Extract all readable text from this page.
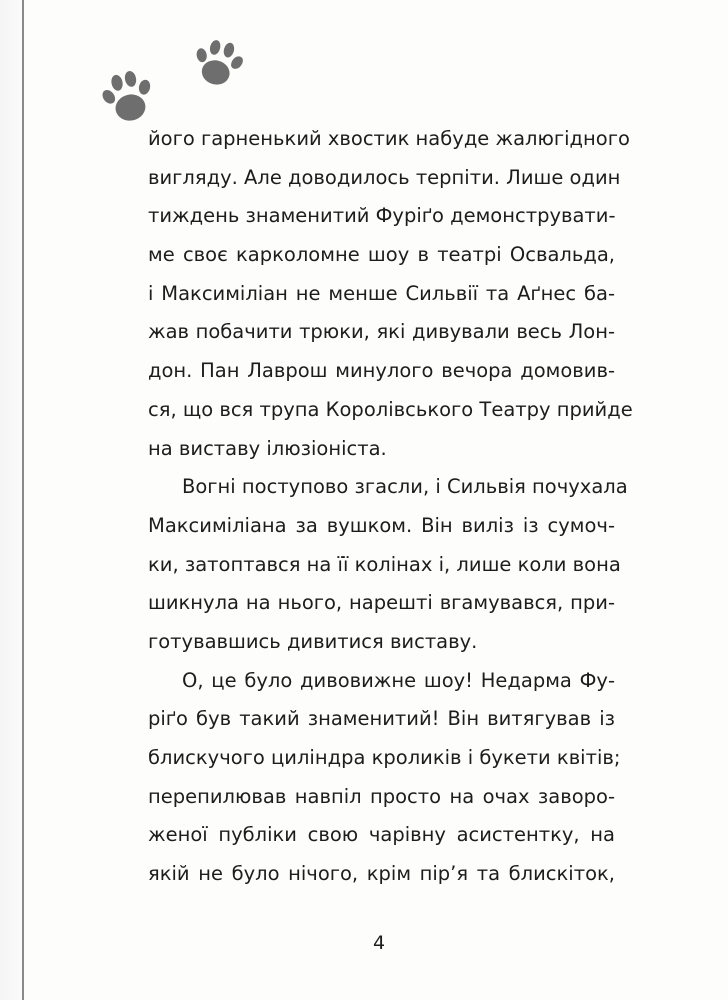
його гарненький хвостик набуде жалюгідного
вигляду. Але доводилось терпіти. Лише один
тиждень знаменитий Фуріґо демонструвати-
ме своє карколомне шоу в театрі Освальда,
і Максиміліан не менше Сильвії та Аґнес ба-
жав побачити трюки, які дивували весь Лон-
дон. Пан Лаврош минулого вечора домовив-
ся, що вся трупа Королівського Театру прийде
на виставу ілюзіоніста.
Вогні поступово згасли, і Сильвія почухала
Максиміліана за вушком. Він виліз із сумоч-
ки, затоптався на її колінах і, лише коли вона
шикнула на нього, нарешті вгамувався, при-
готувавшись дивитися виставу.
О, це було дивовижне шоу! Недарма Фу-
ріґо був такий знаменитий! Він витягував із
блискучого циліндра кроликів і букети квітів;
перепилював навпіл просто на очах заворо-
женої публіки свою чарівну асистентку, на
якій не було нічого, крім пір’я та блискіток,
4
